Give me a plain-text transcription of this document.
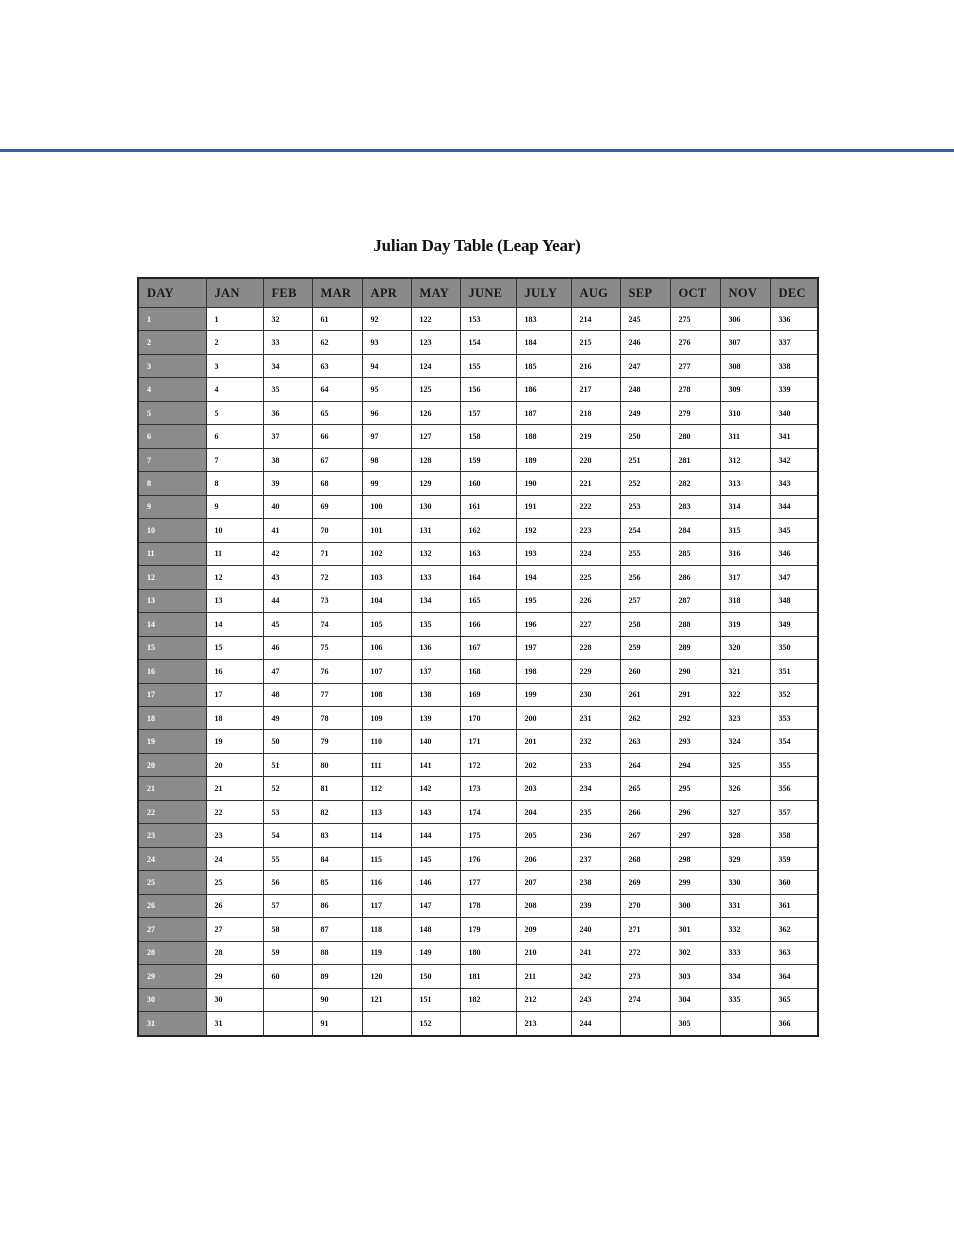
Julian Day Table (Leap Year)
DAY	JAN	FEB	MAR	APR	MAY	JUNE	JULY	AUG	SEP	OCT	NOV	DEC
1	1	32	61	92	122	153	183	214	245	275	306	336
2	2	33	62	93	123	154	184	215	246	276	307	337
3	3	34	63	94	124	155	185	216	247	277	308	338
4	4	35	64	95	125	156	186	217	248	278	309	339
5	5	36	65	96	126	157	187	218	249	279	310	340
6	6	37	66	97	127	158	188	219	250	280	311	341
7	7	38	67	98	128	159	189	220	251	281	312	342
8	8	39	68	99	129	160	190	221	252	282	313	343
9	9	40	69	100	130	161	191	222	253	283	314	344
10	10	41	70	101	131	162	192	223	254	284	315	345
11	11	42	71	102	132	163	193	224	255	285	316	346
12	12	43	72	103	133	164	194	225	256	286	317	347
13	13	44	73	104	134	165	195	226	257	287	318	348
14	14	45	74	105	135	166	196	227	258	288	319	349
15	15	46	75	106	136	167	197	228	259	289	320	350
16	16	47	76	107	137	168	198	229	260	290	321	351
17	17	48	77	108	138	169	199	230	261	291	322	352
18	18	49	78	109	139	170	200	231	262	292	323	353
19	19	50	79	110	140	171	201	232	263	293	324	354
20	20	51	80	111	141	172	202	233	264	294	325	355
21	21	52	81	112	142	173	203	234	265	295	326	356
22	22	53	82	113	143	174	204	235	266	296	327	357
23	23	54	83	114	144	175	205	236	267	297	328	358
24	24	55	84	115	145	176	206	237	268	298	329	359
25	25	56	85	116	146	177	207	238	269	299	330	360
26	26	57	86	117	147	178	208	239	270	300	331	361
27	27	58	87	118	148	179	209	240	271	301	332	362
28	28	59	88	119	149	180	210	241	272	302	333	363
29	29	60	89	120	150	181	211	242	273	303	334	364
30	30		90	121	151	182	212	243	274	304	335	365
31	31		91		152		213	244		305		366
